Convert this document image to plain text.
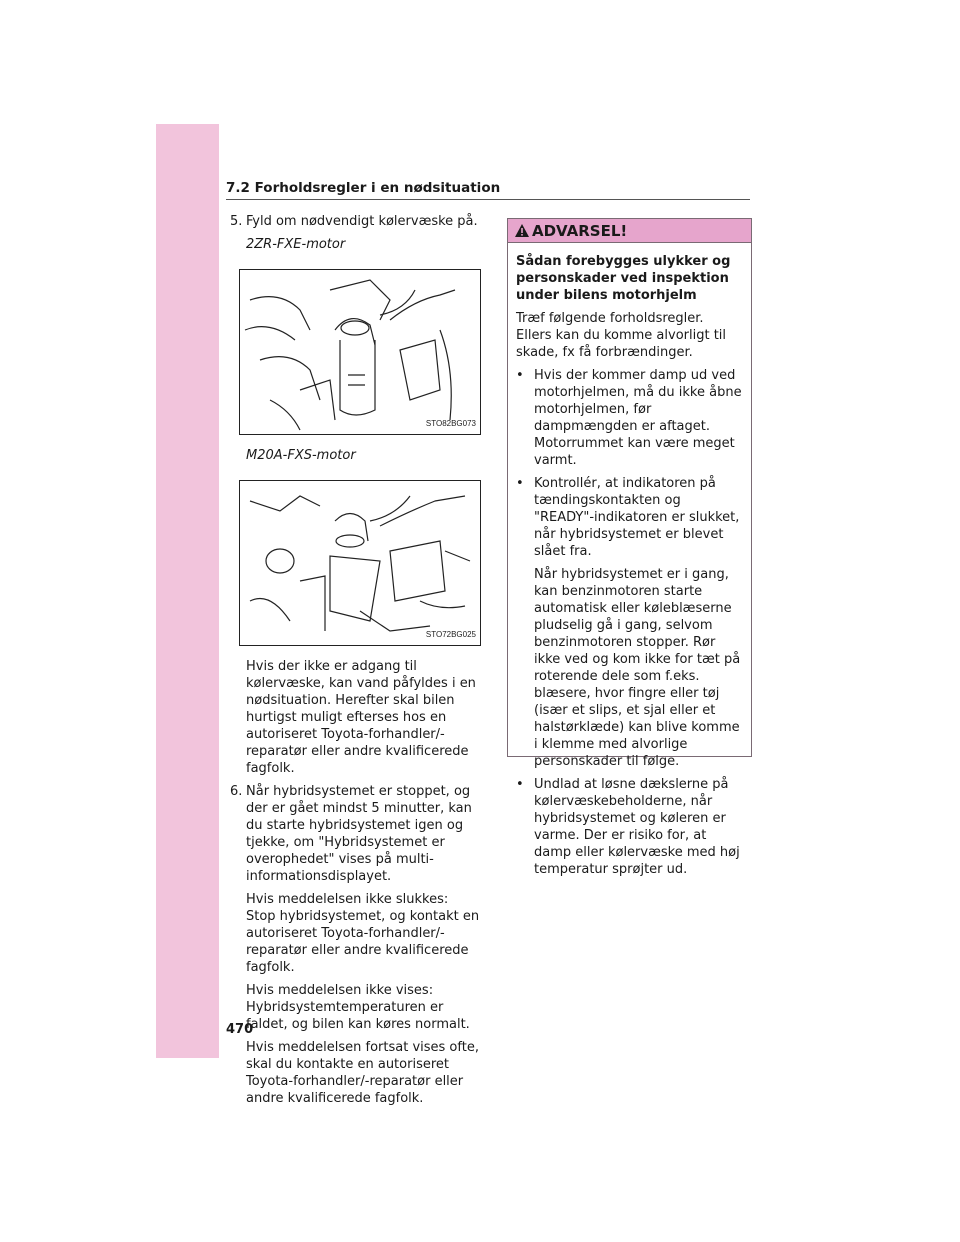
7.2 Forholdsregler i en nødsituation
5. Fyld om nødvendigt kølervæske på.
2ZR-FXE-motor
STO82BG073
M20A-FXS-motor
STO72BG025
Hvis der ikke er adgang til kølervæske, kan vand påfyldes i en nødsituation. Herefter skal bilen hurtigst muligt efterses hos en autoriseret Toyota-forhandler/-reparatør eller andre kvalificerede fagfolk.
6. Når hybridsystemet er stoppet, og der er gået mindst 5 minutter, kan du starte hybridsystemet igen og tjekke, om "Hybridsystemet er overophedet" vises på multi-informationsdisplayet.
Hvis meddelelsen ikke slukkes: Stop hybridsystemet, og kontakt en autoriseret Toyota-forhandler/-reparatør eller andre kvalificerede fagfolk.
Hvis meddelelsen ikke vises: Hybridsystemtemperaturen er faldet, og bilen kan køres normalt.
Hvis meddelelsen fortsat vises ofte, skal du kontakte en autoriseret Toyota-forhandler/-reparatør eller andre kvalificerede fagfolk.
ADVARSEL!

Sådan forebygges ulykker og personskader ved inspektion under bilens motorhjelm

Træf følgende forholdsregler. Ellers kan du komme alvorligt til skade, fx få forbrændinger.

• Hvis der kommer damp ud ved motorhjelmen, må du ikke åbne motorhjelmen, før dampmængden er aftaget. Motorrummet kan være meget varmt.

• Kontrollér, at indikatoren på tændingskontakten og "READY"-indikatoren er slukket, når hybridsystemet er blevet slået fra.

Når hybridsystemet er i gang, kan benzinmotoren starte automatisk eller køleblæserne pludselig gå i gang, selvom benzinmotoren stopper. Rør ikke ved og kom ikke for tæt på roterende dele som f.eks. blæsere, hvor fingre eller tøj (især et slips, et sjal eller et halstørklæde) kan blive komme i klemme med alvorlige personskader til følge.

• Undlad at løsne dækslerne på kølervæskebeholderne, når hybridsystemet og køleren er varme. Der er risiko for, at damp eller kølervæske med høj temperatur sprøjter ud.

470
